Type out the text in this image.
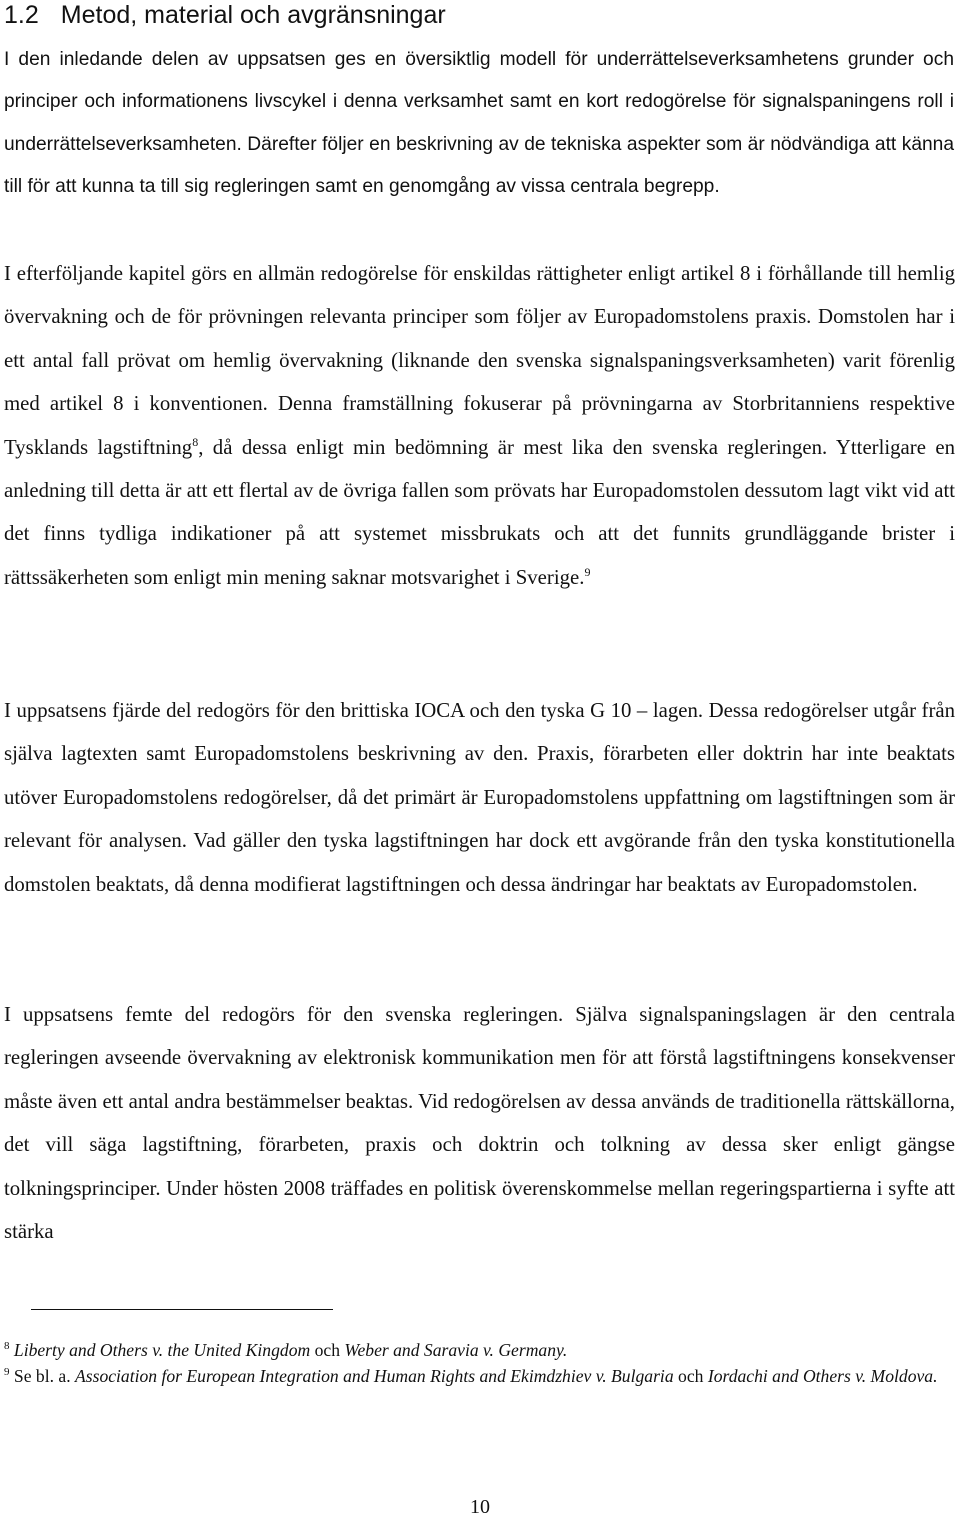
1.2 Metod, material och avgränsningar
I den inledande delen av uppsatsen ges en översiktlig modell för underrättelseverksamhetens grunder och principer och informationens livscykel i denna verksamhet samt en kort redogörelse för signalspaningens roll i underrättelseverksamheten. Därefter följer en beskrivning av de tekniska aspekter som är nödvändiga att känna till för att kunna ta till sig regleringen samt en genomgång av vissa centrala begrepp.
I efterföljande kapitel görs en allmän redogörelse för enskildas rättigheter enligt artikel 8 i förhållande till hemlig övervakning och de för prövningen relevanta principer som följer av Europadomstolens praxis. Domstolen har i ett antal fall prövat om hemlig övervakning (liknande den svenska signalspaningsverksamheten) varit förenlig med artikel 8 i konventionen. Denna framställning fokuserar på prövningarna av Storbritanniens respektive Tysklands lagstiftning$^8$, då dessa enligt min bedömning är mest lika den svenska regleringen. Ytterligare en anledning till detta är att ett flertal av de övriga fallen som prövats har Europadomstolen dessutom lagt vikt vid att det finns tydliga indikationer på att systemet missbrukats och att det funnits grundläggande brister i rättssäkerheten som enligt min mening saknar motsvarighet i Sverige.$^9$
I uppsatsens fjärde del redogörs för den brittiska IOCA och den tyska G 10 – lagen. Dessa redogörelser utgår från själva lagtexten samt Europadomstolens beskrivning av den. Praxis, förarbeten eller doktrin har inte beaktats utöver Europadomstolens redogörelser, då det primärt är Europadomstolens uppfattning om lagstiftningen som är relevant för analysen. Vad gäller den tyska lagstiftningen har dock ett avgörande från den tyska konstitutionella domstolen beaktats, då denna modifierat lagstiftningen och dessa ändringar har beaktats av Europadomstolen.
I uppsatsens femte del redogörs för den svenska regleringen. Själva signalspaningslagen är den centrala regleringen avseende övervakning av elektronisk kommunikation men för att förstå lagstiftningens konsekvenser måste även ett antal andra bestämmelser beaktas. Vid redogörelsen av dessa används de traditionella rättskällorna, det vill säga lagstiftning, förarbeten, praxis och doktrin och tolkning av dessa sker enligt gängse tolkningsprinciper. Under hösten 2008 träffades en politisk överenskommelse mellan regeringspartierna i syfte att stärka

$^8$ Liberty and Others v. the United Kingdom och Weber and Saravia v. Germany.

$^9$ Se bl. a. Association for European Integration and Human Rights and Ekimdzhiev v. Bulgaria och Iordachi and Others v. Moldova.

10
